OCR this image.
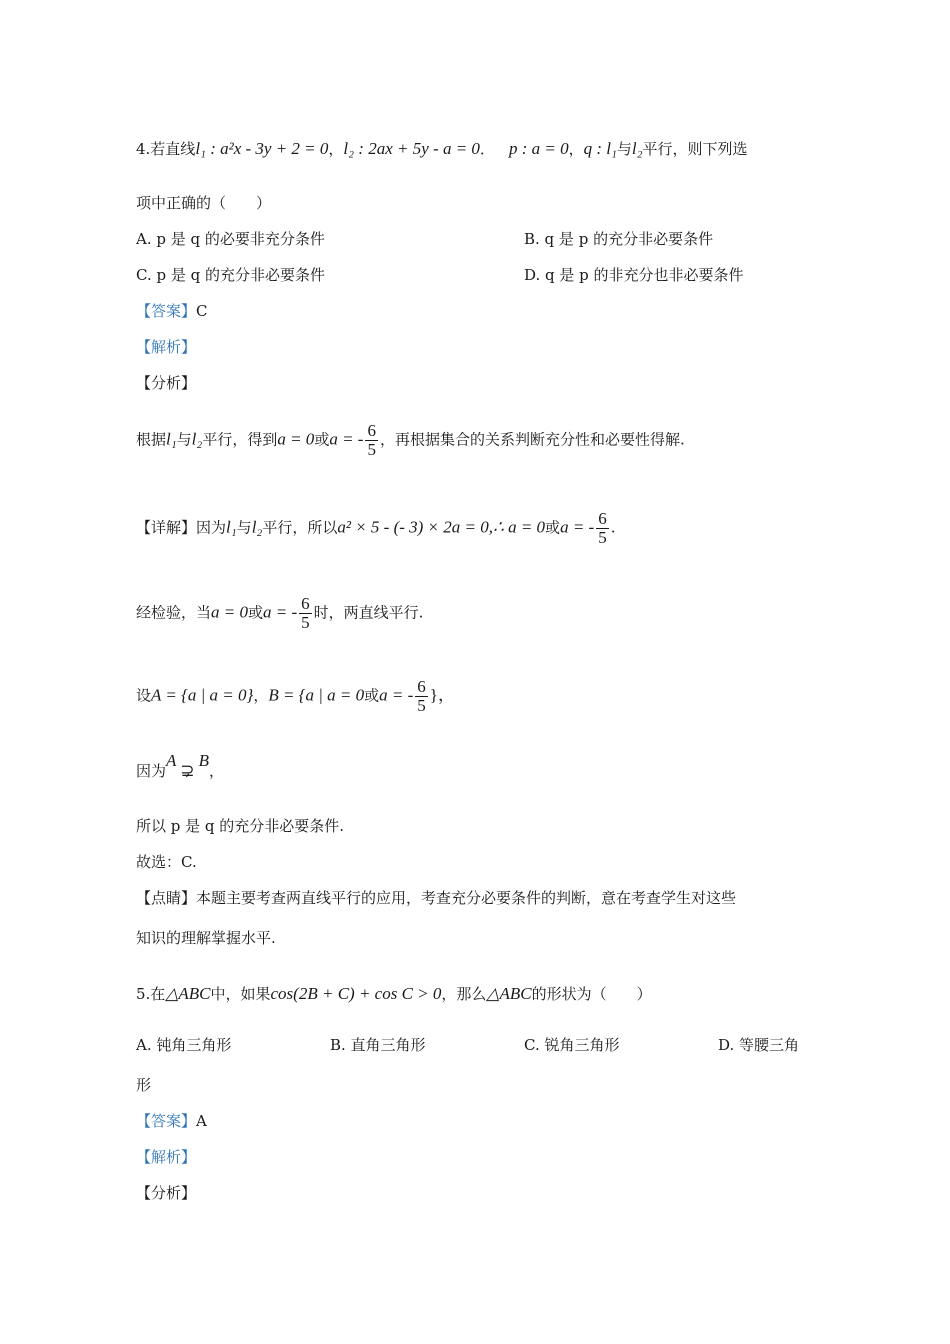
4.若直线l₁ : a²x - 3y + 2 = 0，l₂ : 2ax + 5y - a = 0． p : a = 0，q : l₁与l₂平行，则下列选
项中正确的（　　）
A. p 是 q 的必要非充分条件	B. q 是 p 的充分非必要条件
C. p 是 q 的充分非必要条件	D. q 是 p 的非充分也非必要条件
【答案】C
【解析】
【分析】
根据l₁与l₂平行，得到a = 0或a = - $\frac{6}{5}$ ，再根据集合的关系判断充分性和必要性得解.
【详解】因为l₁与l₂平行，所以a² × 5 - (- 3) × 2a = 0,∴ a = 0或a = - $\frac{6}{5}$ .
经检验，当a = 0或a = - $\frac{6}{5}$ 时，两直线平行.
设A = {a | a = 0}，B = {a | a = 0或a = - $\frac{6}{5}$ }，
因为A⊋B，
所以 p 是 q 的充分非必要条件.
故选：C.
【点睛】本题主要考查两直线平行的应用，考查充分必要条件的判断，意在考查学生对这些
知识的理解掌握水平.
5.在△ABC中，如果cos(2B + C) + cos C > 0，那么△ABC的形状为（　　）
A. 钝角三角形	B. 直角三角形	C. 锐角三角形	D. 等腰三角
形
【答案】A
【解析】
【分析】
